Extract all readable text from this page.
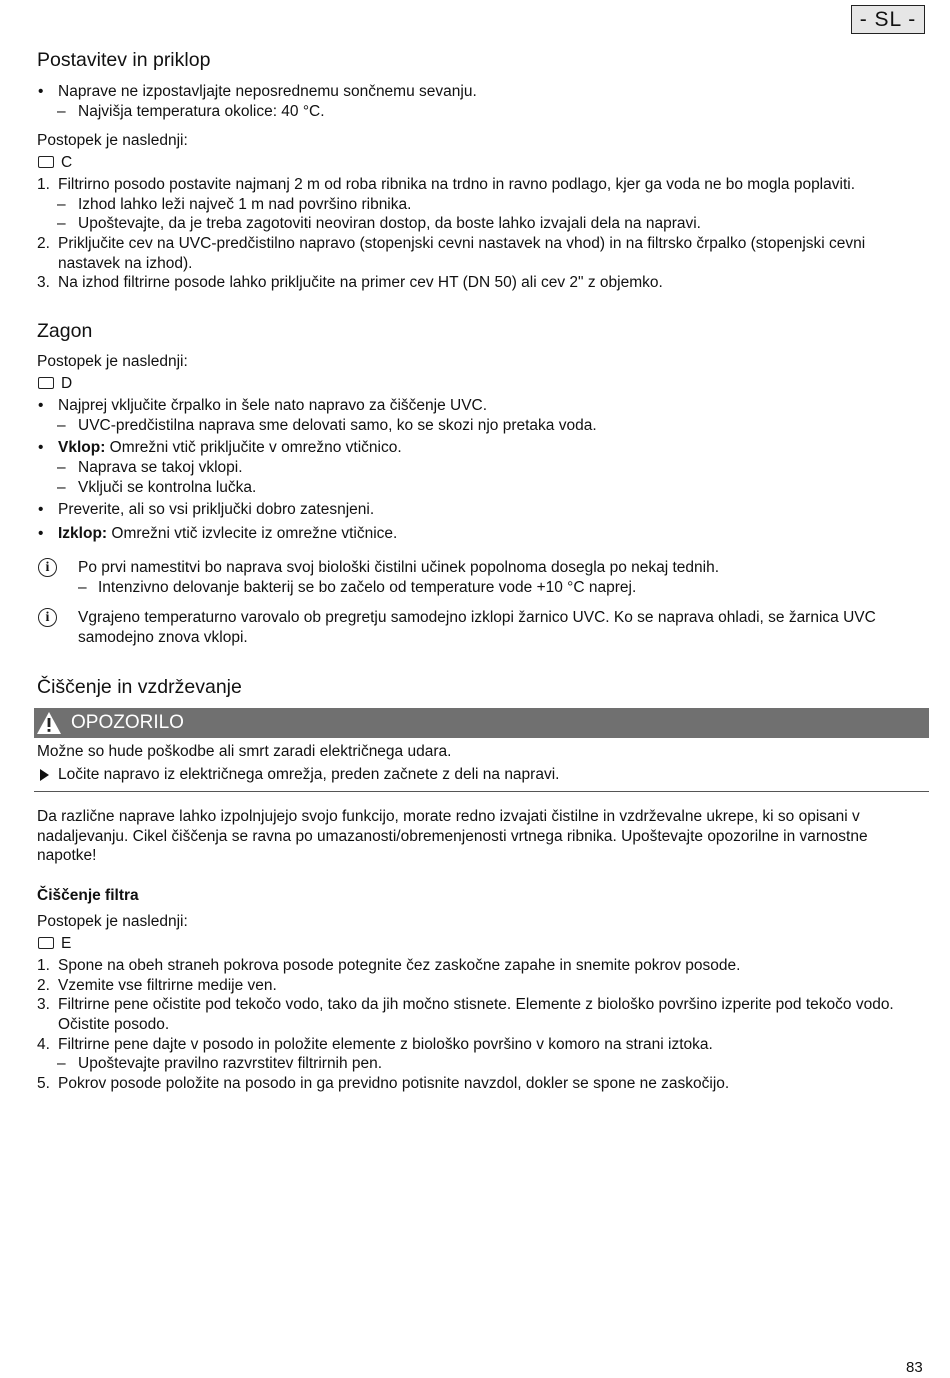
- SL -
Postavitev in priklop
• Naprave ne izpostavljajte neposrednemu sončnemu sevanju.
– Najvišja temperatura okolice: 40 °C.
Postopek je naslednji:
C
1. Filtrirno posodo postavite najmanj 2 m od roba ribnika na trdno in ravno podlago, kjer ga voda ne bo mogla poplaviti.
– Izhod lahko leži največ 1 m nad površino ribnika.
– Upoštevajte, da je treba zagotoviti neoviran dostop, da boste lahko izvajali dela na napravi.
2. Priključite cev na UVC-predčistilno napravo (stopenjski cevni nastavek na vhod) in na filtrsko črpalko (stopenjski cevni nastavek na izhod).
3. Na izhod filtrirne posode lahko priključite na primer cev HT (DN 50) ali cev 2" z objemko.
Zagon
Postopek je naslednji:
D
• Najprej vključite črpalko in šele nato napravo za čiščenje UVC.
– UVC-predčistilna naprava sme delovati samo, ko se skozi njo pretaka voda.
• Vklop: Omrežni vtič priključite v omrežno vtičnico.
– Naprava se takoj vklopi.
– Vključi se kontrolna lučka.
• Preverite, ali so vsi priključki dobro zatesnjeni.
• Izklop: Omrežni vtič izvlecite iz omrežne vtičnice.
i	Po prvi namestitvi bo naprava svoj biološki čistilni učinek popolnoma dosegla po nekaj tednih.
– Intenzivno delovanje bakterij se bo začelo od temperature vode +10 °C naprej.
i	Vgrajeno temperaturno varovalo ob pregretju samodejno izklopi žarnico UVC. Ko se naprava ohladi, se žarnica UVC samodejno znova vklopi.
Čiščenje in vzdrževanje
OPOZORILO
Možne so hude poškodbe ali smrt zaradi električnega udara.
Ločite napravo iz električnega omrežja, preden začnete z deli na napravi.
Da različne naprave lahko izpolnjujejo svojo funkcijo, morate redno izvajati čistilne in vzdrževalne ukrepe, ki so opisani v nadaljevanju. Cikel čiščenja se ravna po umazanosti/obremenjenosti vrtnega ribnika. Upoštevajte opozorilne in varnostne napotke!
Čiščenje filtra
Postopek je naslednji:
E
1. Spone na obeh straneh pokrova posode potegnite čez zaskočne zapahe in snemite pokrov posode.
2. Vzemite vse filtrirne medije ven.
3. Filtrirne pene očistite pod tekočo vodo, tako da jih močno stisnete. Elemente z biološko površino izperite pod tekočo vodo. Očistite posodo.
4. Filtrirne pene dajte v posodo in položite elemente z biološko površino v komoro na strani iztoka.
– Upoštevajte pravilno razvrstitev filtrirnih pen.
5. Pokrov posode položite na posodo in ga previdno potisnite navzdol, dokler se spone ne zaskočijo.
83
